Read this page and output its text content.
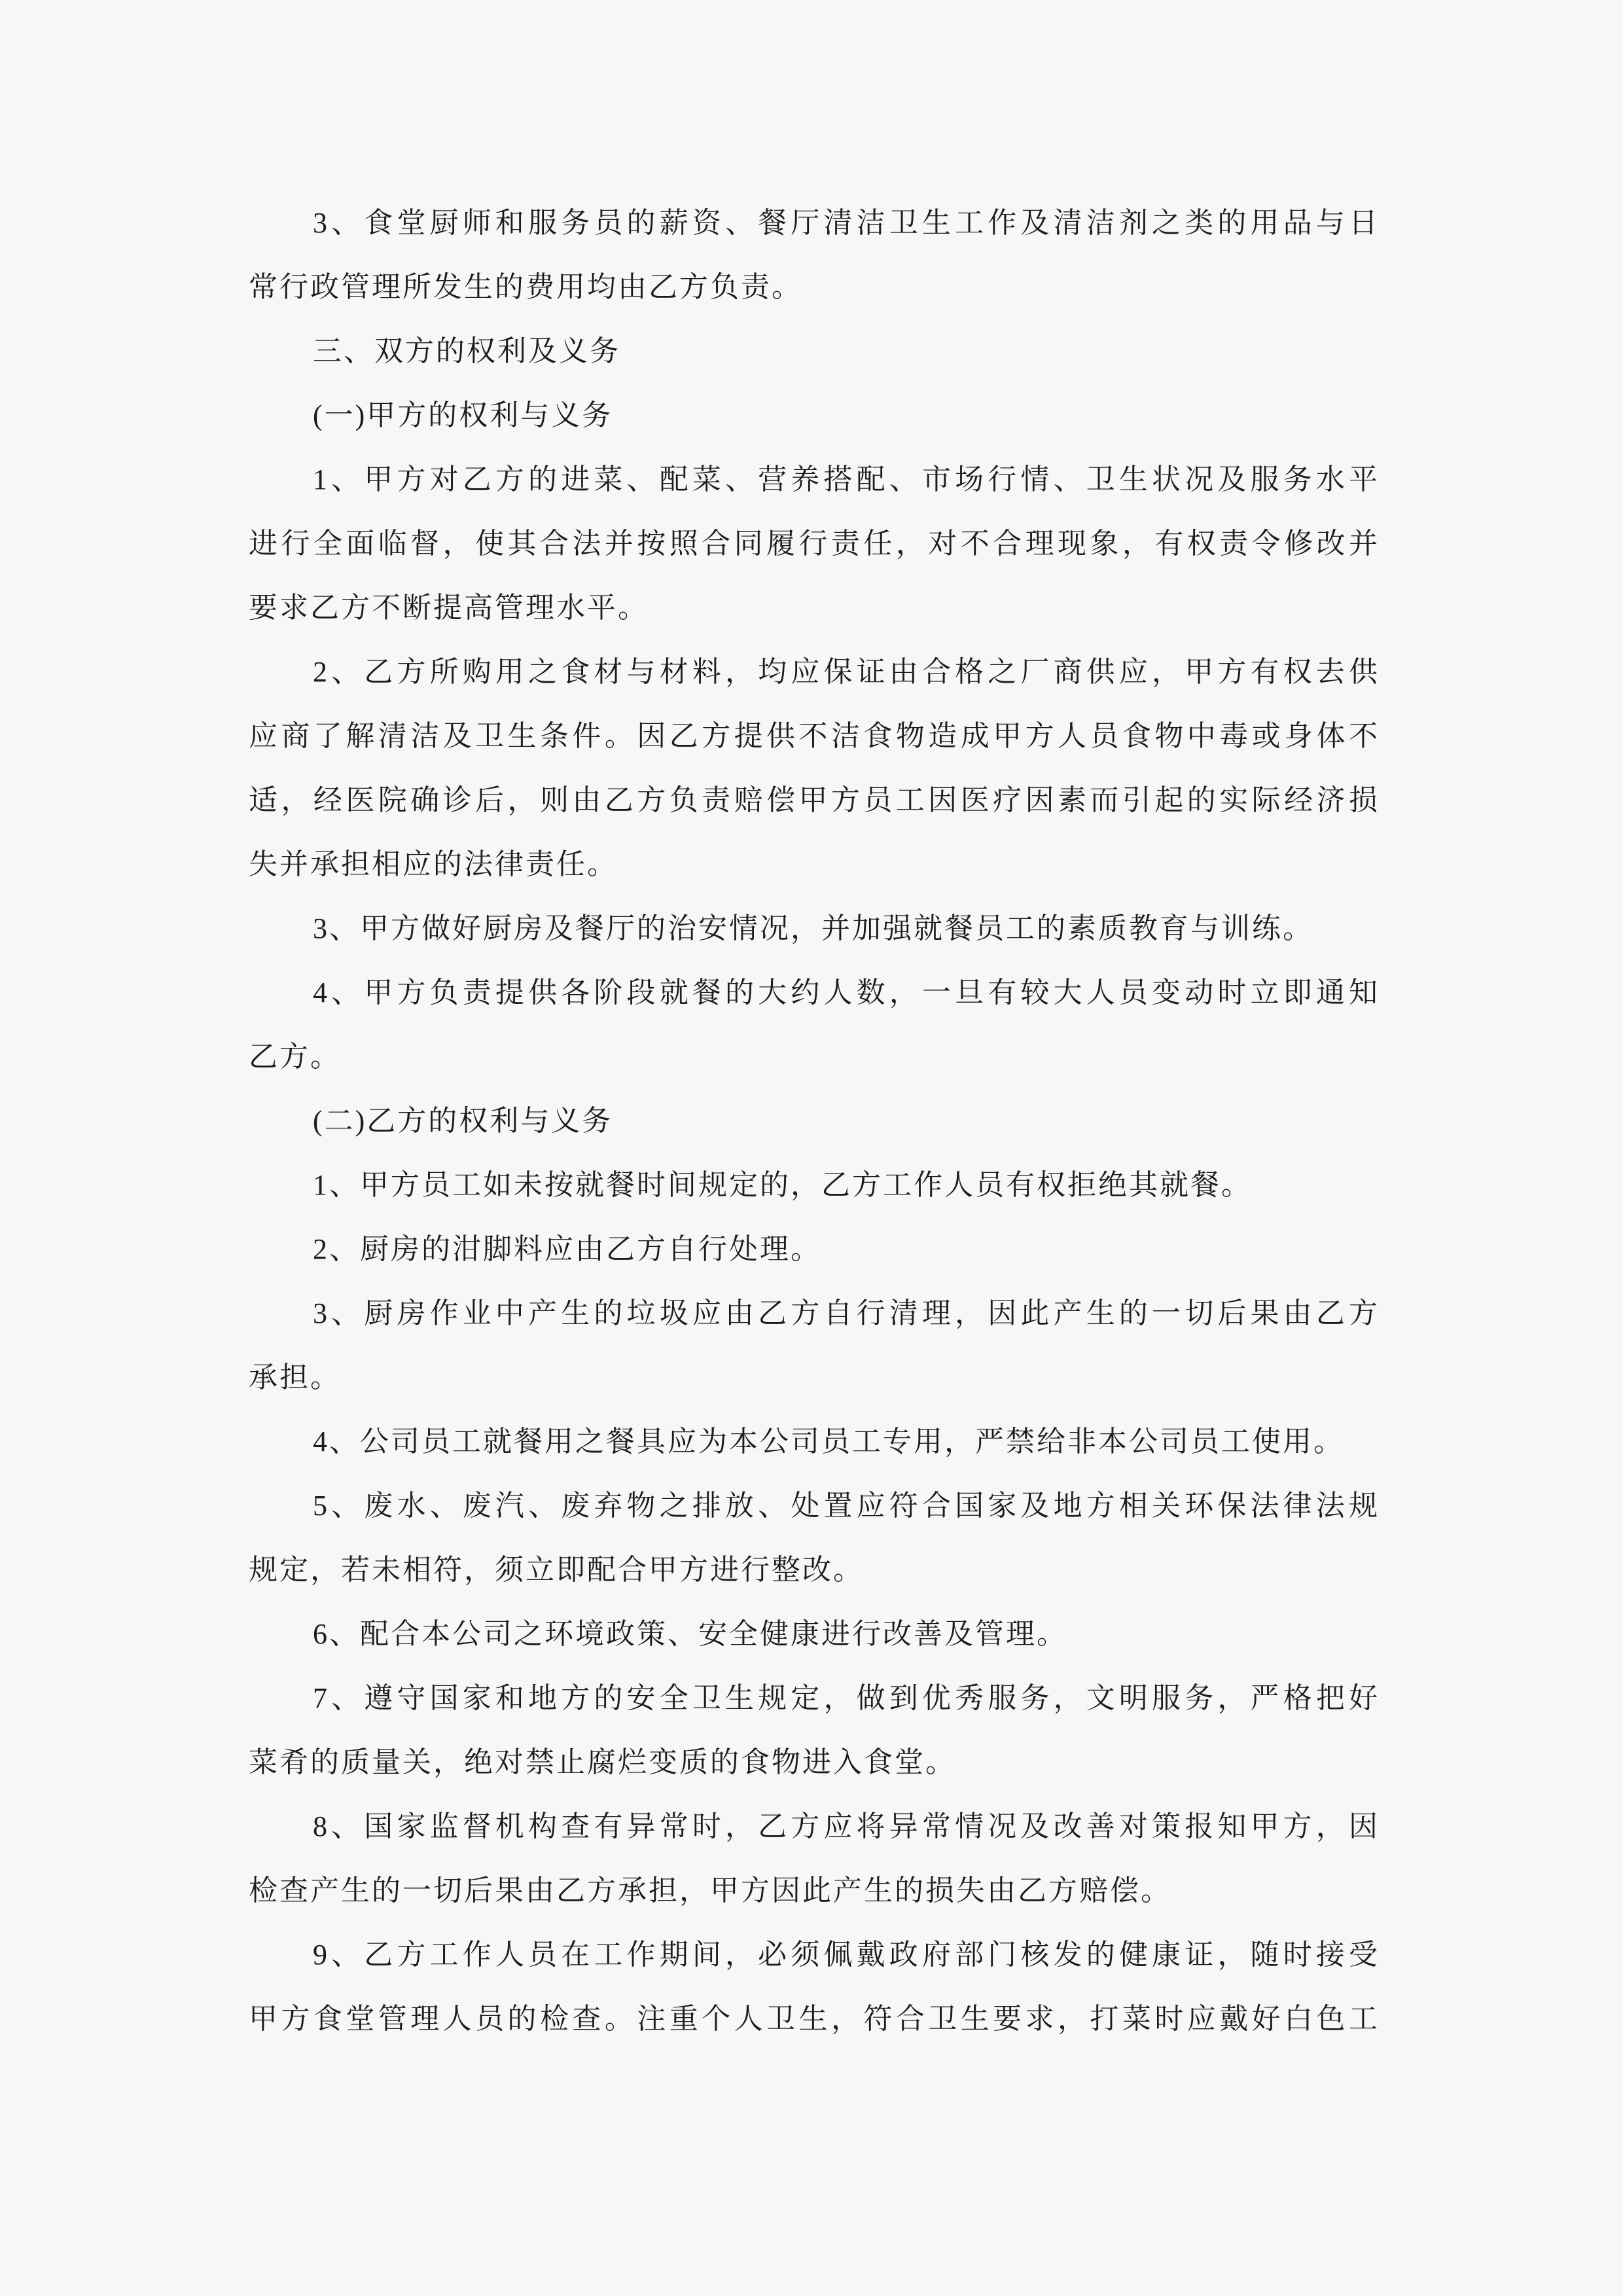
3、食堂厨师和服务员的薪资、餐厅清洁卫生工作及清洁剂之类的用品与日
常行政管理所发生的费用均由乙方负责。
三、双方的权利及义务
(一)甲方的权利与义务
1、甲方对乙方的进菜、配菜、营养搭配、市场行情、卫生状况及服务水平
进行全面临督，使其合法并按照合同履行责任，对不合理现象，有权责令修改并
要求乙方不断提高管理水平。
2、乙方所购用之食材与材料，均应保证由合格之厂商供应，甲方有权去供
应商了解清洁及卫生条件。因乙方提供不洁食物造成甲方人员食物中毒或身体不
适，经医院确诊后，则由乙方负责赔偿甲方员工因医疗因素而引起的实际经济损
失并承担相应的法律责任。
3、甲方做好厨房及餐厅的治安情况，并加强就餐员工的素质教育与训练。
4、甲方负责提供各阶段就餐的大约人数，一旦有较大人员变动时立即通知
乙方。
(二)乙方的权利与义务
1、甲方员工如未按就餐时间规定的，乙方工作人员有权拒绝其就餐。
2、厨房的泔脚料应由乙方自行处理。
3、厨房作业中产生的垃圾应由乙方自行清理，因此产生的一切后果由乙方
承担。
4、公司员工就餐用之餐具应为本公司员工专用，严禁给非本公司员工使用。
5、废水、废汽、废弃物之排放、处置应符合国家及地方相关环保法律法规
规定，若未相符，须立即配合甲方进行整改。
6、配合本公司之环境政策、安全健康进行改善及管理。
7、遵守国家和地方的安全卫生规定，做到优秀服务，文明服务，严格把好
菜肴的质量关，绝对禁止腐烂变质的食物进入食堂。
8、国家监督机构查有异常时，乙方应将异常情况及改善对策报知甲方，因
检查产生的一切后果由乙方承担，甲方因此产生的损失由乙方赔偿。
9、乙方工作人员在工作期间，必须佩戴政府部门核发的健康证，随时接受
甲方食堂管理人员的检查。注重个人卫生，符合卫生要求，打菜时应戴好白色工
